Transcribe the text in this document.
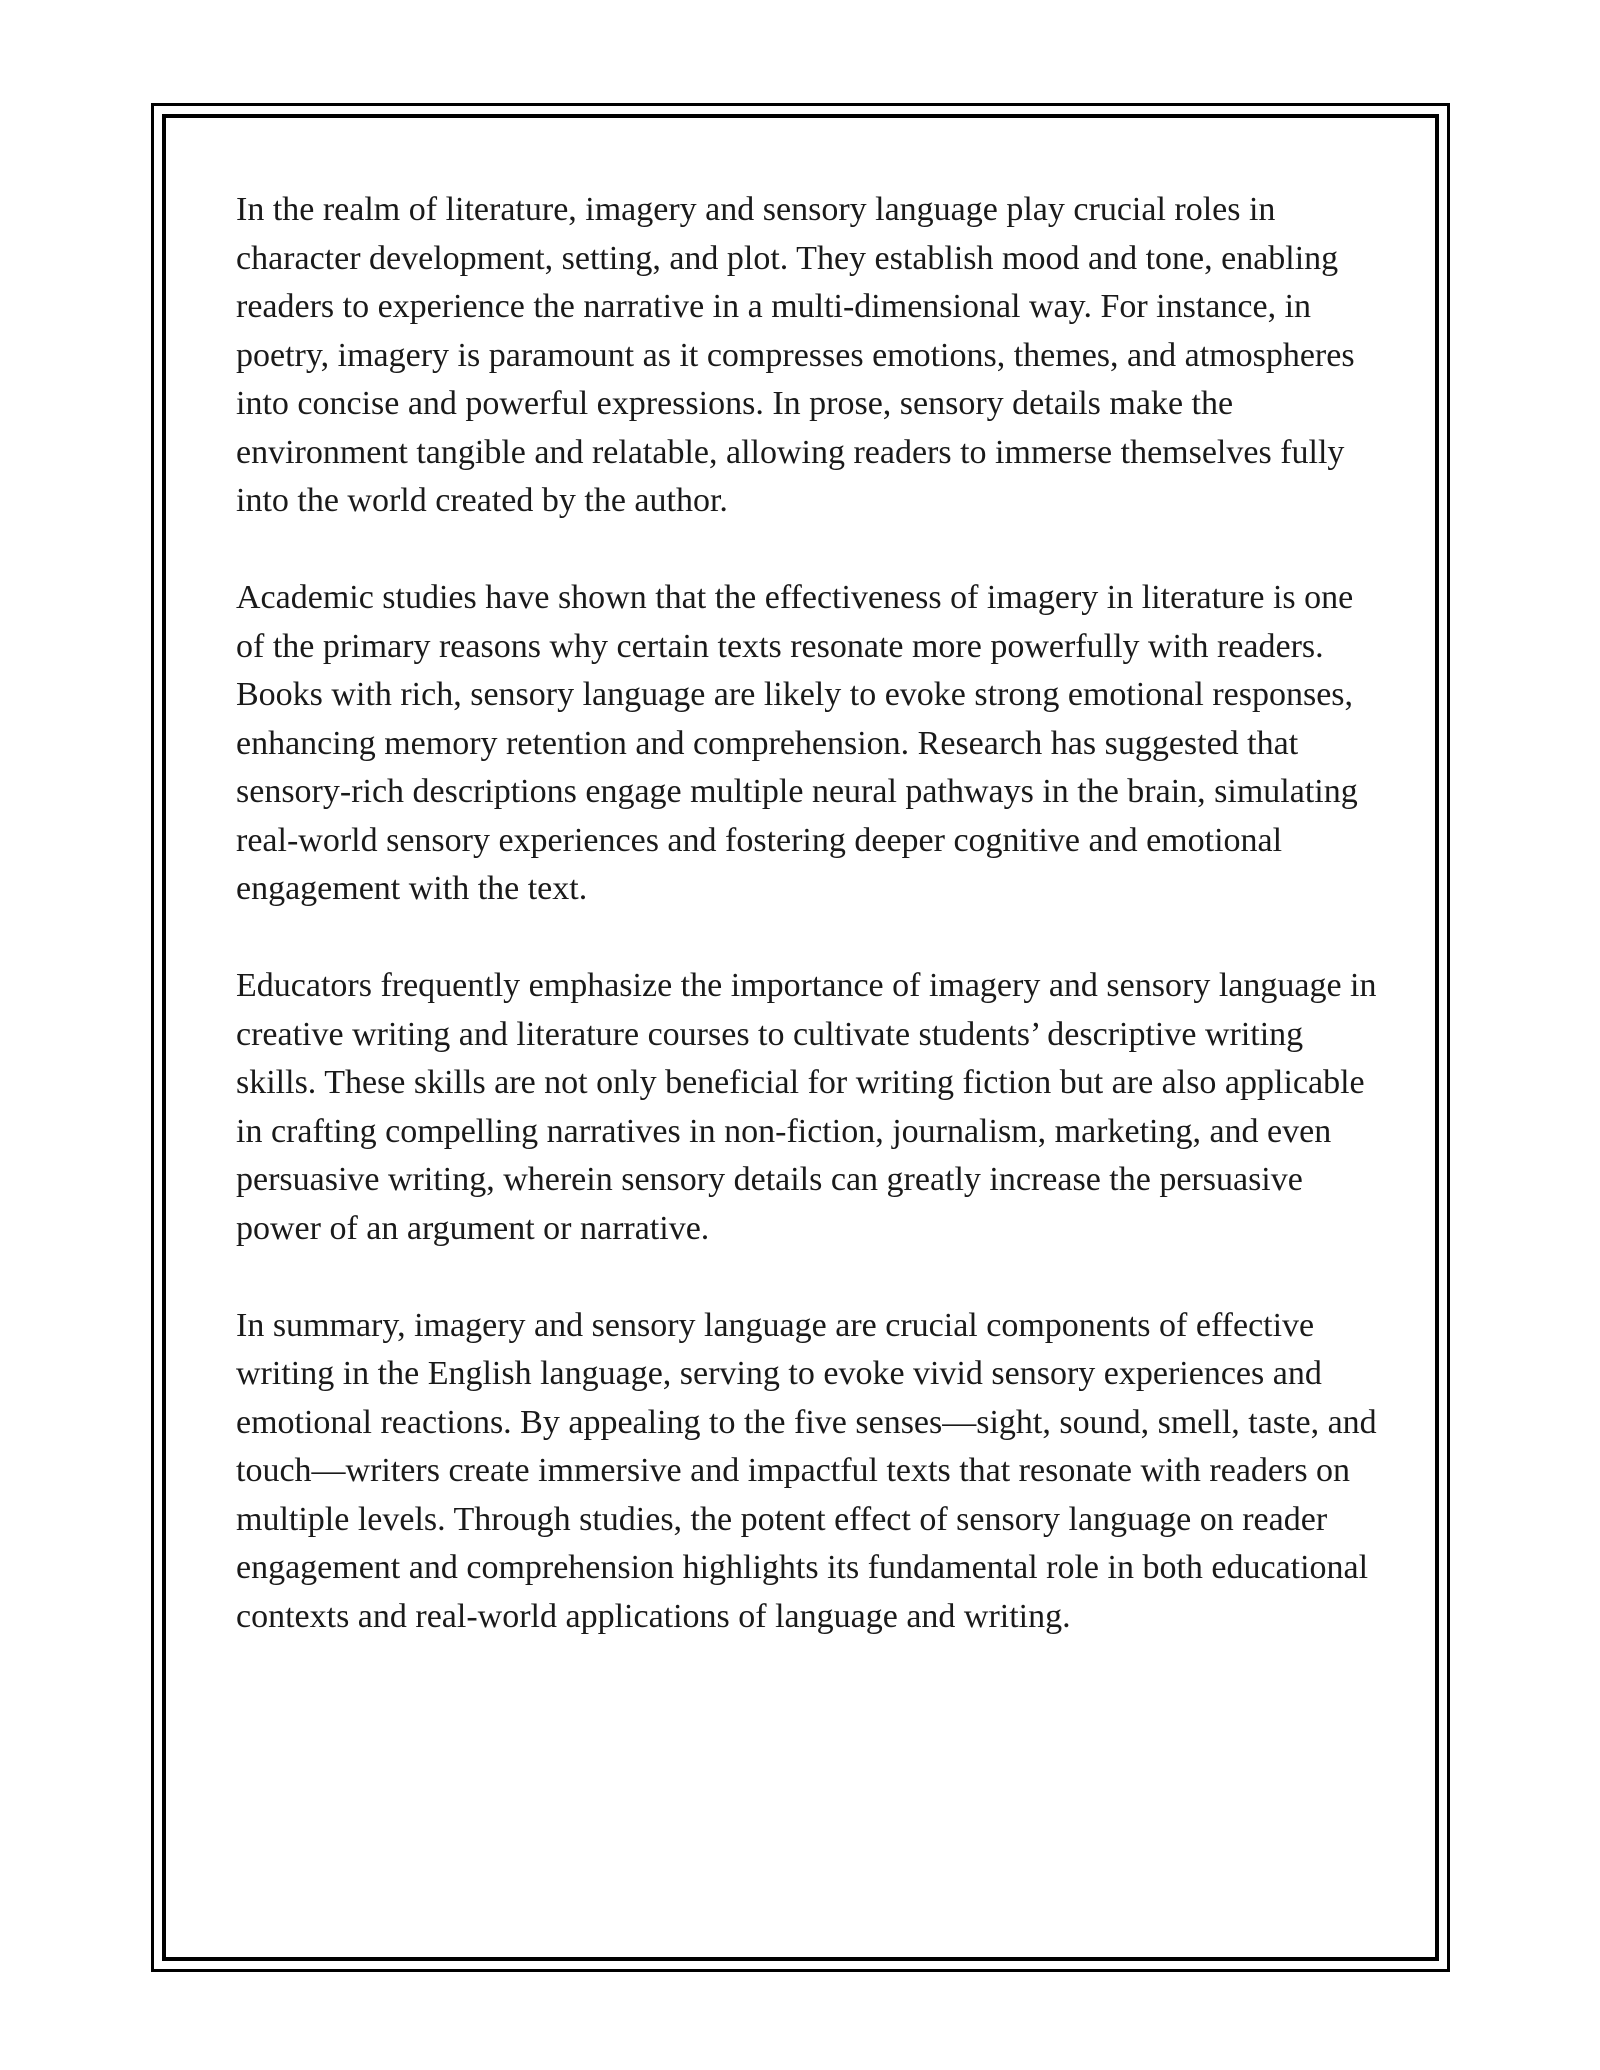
In the realm of literature, imagery and sensory language play crucial roles in character development, setting, and plot. They establish mood and tone, enabling readers to experience the narrative in a multi-dimensional way. For instance, in poetry, imagery is paramount as it compresses emotions, themes, and atmospheres into concise and powerful expressions. In prose, sensory details make the environment tangible and relatable, allowing readers to immerse themselves fully into the world created by the author.

Academic studies have shown that the effectiveness of imagery in literature is one of the primary reasons why certain texts resonate more powerfully with readers. Books with rich, sensory language are likely to evoke strong emotional responses, enhancing memory retention and comprehension. Research has suggested that sensory-rich descriptions engage multiple neural pathways in the brain, simulating real-world sensory experiences and fostering deeper cognitive and emotional engagement with the text.

Educators frequently emphasize the importance of imagery and sensory language in creative writing and literature courses to cultivate students’ descriptive writing skills. These skills are not only beneficial for writing fiction but are also applicable in crafting compelling narratives in non-fiction, journalism, marketing, and even persuasive writing, wherein sensory details can greatly increase the persuasive power of an argument or narrative.

In summary, imagery and sensory language are crucial components of effective writing in the English language, serving to evoke vivid sensory experiences and emotional reactions. By appealing to the five senses—sight, sound, smell, taste, and touch—writers create immersive and impactful texts that resonate with readers on multiple levels. Through studies, the potent effect of sensory language on reader engagement and comprehension highlights its fundamental role in both educational contexts and real-world applications of language and writing.
